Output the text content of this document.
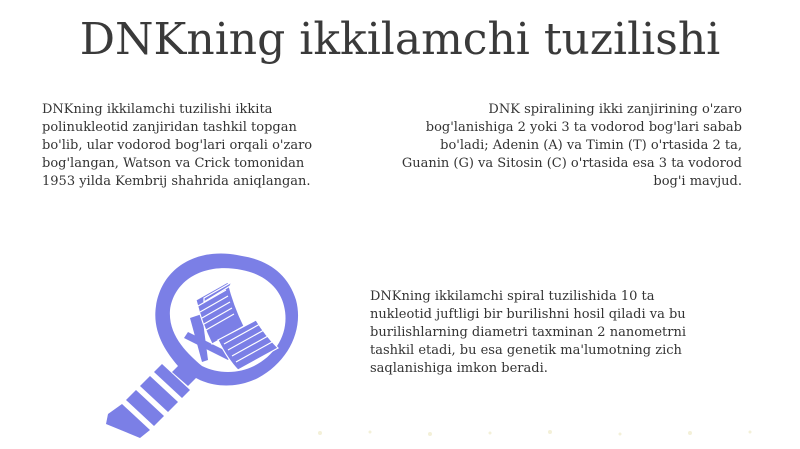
DNKning ikkilamchi tuzilishi
DNKning ikkilamchi tuzilishi ikkita
polinukleotid zanjiridan tashkil topgan
bo'lib, ular vodorod bog'lari orqali o'zaro
bog'langan, Watson va Crick tomonidan
1953 yilda Kembrij shahrida aniqlangan.
DNK spiralining ikki zanjirining o'zaro
bog'lanishiga 2 yoki 3 ta vodorod bog'lari sabab
bo'ladi; Adenin (A) va Timin (T) o'rtasida 2 ta,
Guanin (G) va Sitosin (C) o'rtasida esa 3 ta vodorod
bog'i mavjud.
DNKning ikkilamchi spiral tuzilishida 10 ta
nukleotid juftligi bir burilishni hosil qiladi va bu
burilishlarning diametri taxminan 2 nanometrni
tashkil etadi, bu esa genetik ma'lumotning zich
saqlanishiga imkon beradi.
